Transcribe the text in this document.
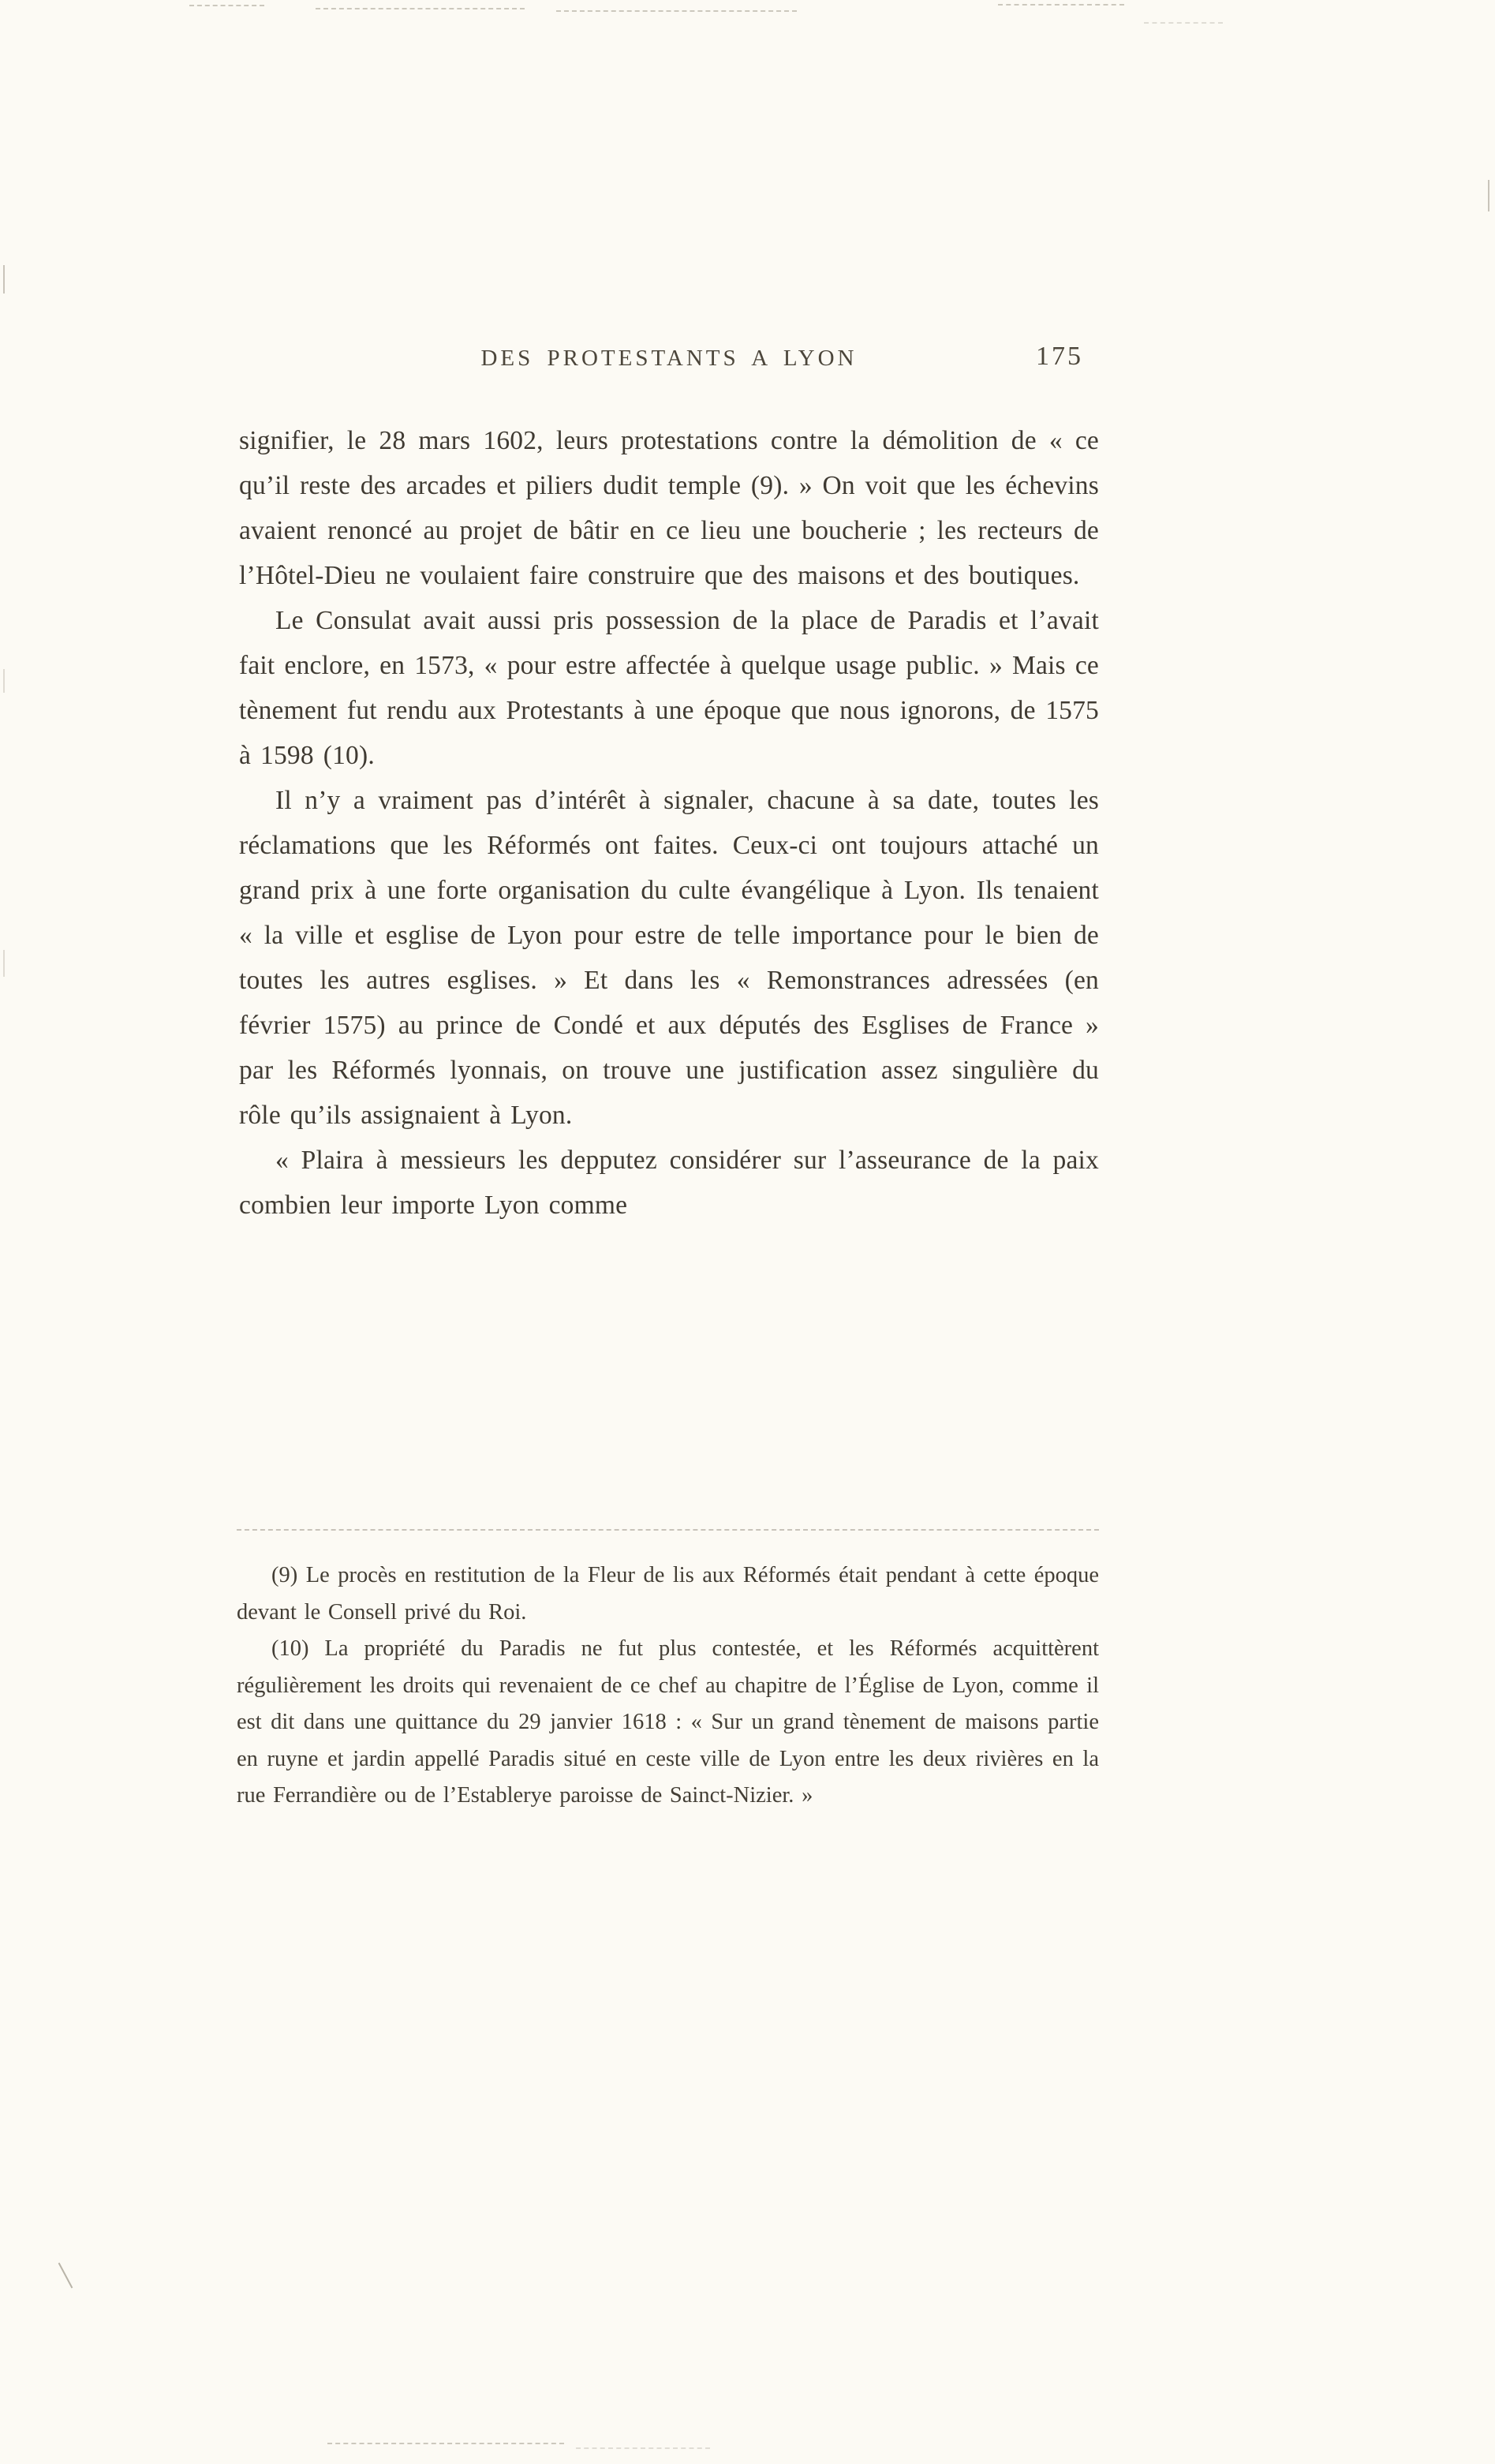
DES PROTESTANTS A LYON	175

signifier, le 28 mars 1602, leurs protestations contre la démolition de « ce qu’il reste des arcades et piliers dudit temple (9). » On voit que les échevins avaient renoncé au projet de bâtir en ce lieu une boucherie ; les recteurs de l’Hôtel-Dieu ne voulaient faire construire que des maisons et des boutiques.

Le Consulat avait aussi pris possession de la place de Paradis et l’avait fait enclore, en 1573, « pour estre affectée à quelque usage public. » Mais ce tènement fut rendu aux Protestants à une époque que nous ignorons, de 1575 à 1598 (10).

Il n’y a vraiment pas d’intérêt à signaler, chacune à sa date, toutes les réclamations que les Réformés ont faites. Ceux-ci ont toujours attaché un grand prix à une forte organisation du culte évangélique à Lyon. Ils tenaient « la ville et esglise de Lyon pour estre de telle importance pour le bien de toutes les autres esglises. » Et dans les « Remonstrances adressées (en février 1575) au prince de Condé et aux députés des Esglises de France » par les Réformés lyonnais, on trouve une justification assez singulière du rôle qu’ils assignaient à Lyon.

« Plaira à messieurs les depputez considérer sur l’asseurance de la paix combien leur importe Lyon comme

(9) Le procès en restitution de la Fleur de lis aux Réformés était pendant à cette époque devant le Consell privé du Roi.

(10) La propriété du Paradis ne fut plus contestée, et les Réformés acquittèrent régulièrement les droits qui revenaient de ce chef au chapitre de l’Église de Lyon, comme il est dit dans une quittance du 29 janvier 1618 : « Sur un grand tènement de maisons partie en ruyne et jardin appellé Paradis situé en ceste ville de Lyon entre les deux rivières en la rue Ferrandière ou de l’Establerye paroisse de Sainct-Nizier. »
